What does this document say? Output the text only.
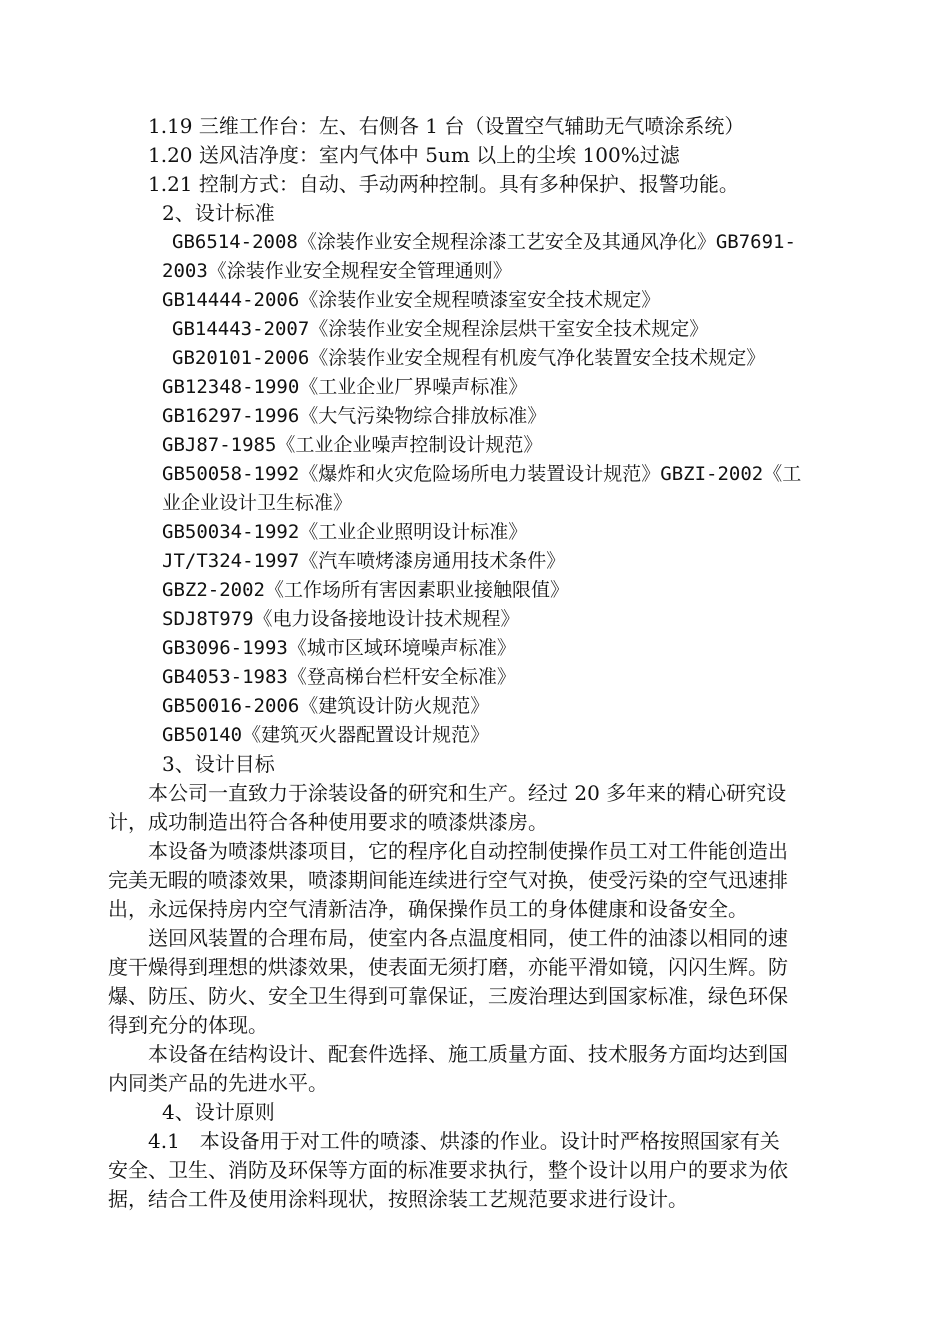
1.19 三维工作台：左、右侧各 1 台（设置空气辅助无气喷涂系统）
1.20 送风洁净度：室内气体中 5um 以上的尘埃 100%过滤
1.21 控制方式：自动、手动两种控制。具有多种保护、报警功能。
2、设计标准
GB6514-2008《涂装作业安全规程涂漆工艺安全及其通风净化》GB7691-
2003《涂装作业安全规程安全管理通则》
GB14444-2006《涂装作业安全规程喷漆室安全技术规定》
GB14443-2007《涂装作业安全规程涂层烘干室安全技术规定》
GB20101-2006《涂装作业安全规程有机废气净化装置安全技术规定》
GB12348-1990《工业企业厂界噪声标准》
GB16297-1996《大气污染物综合排放标准》
GBJ87-1985《工业企业噪声控制设计规范》
GB50058-1992《爆炸和火灾危险场所电力装置设计规范》GBZI-2002《工
业企业设计卫生标准》
GB50034-1992《工业企业照明设计标准》
JT/T324-1997《汽车喷烤漆房通用技术条件》
GBZ2-2002《工作场所有害因素职业接触限值》
SDJ8T979《电力设备接地设计技术规程》
GB3096-1993《城市区域环境噪声标准》
GB4053-1983《登高梯台栏杆安全标准》
GB50016-2006《建筑设计防火规范》
GB50140《建筑灭火器配置设计规范》
3、设计目标
本公司一直致力于涂装设备的研究和生产。经过 20 多年来的精心研究设
计，成功制造出符合各种使用要求的喷漆烘漆房。
本设备为喷漆烘漆项目，它的程序化自动控制使操作员工对工件能创造出
完美无暇的喷漆效果，喷漆期间能连续进行空气对换，使受污染的空气迅速排
出，永远保持房内空气清新洁净，确保操作员工的身体健康和设备安全。
送回风装置的合理布局，使室内各点温度相同，使工件的油漆以相同的速
度干燥得到理想的烘漆效果，使表面无须打磨，亦能平滑如镜，闪闪生辉。防
爆、防压、防火、安全卫生得到可靠保证，三废治理达到国家标准，绿色环保
得到充分的体现。
本设备在结构设计、配套件选择、施工质量方面、技术服务方面均达到国
内同类产品的先进水平。
4、设计原则
4.1　本设备用于对工件的喷漆、烘漆的作业。设计时严格按照国家有关
安全、卫生、消防及环保等方面的标准要求执行，整个设计以用户的要求为依
据，结合工件及使用涂料现状，按照涂装工艺规范要求进行设计。
